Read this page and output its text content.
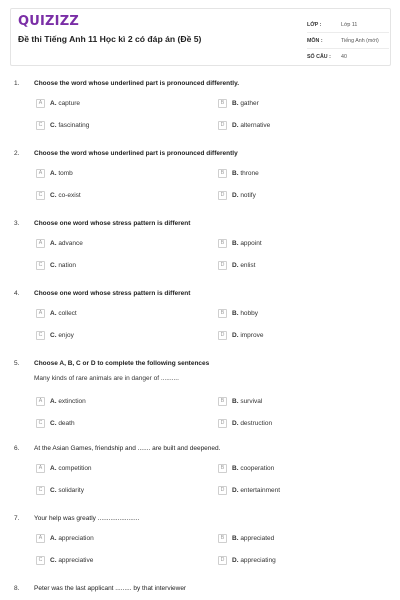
QUIZIZZ
Đề thi Tiếng Anh 11 Học kì 2 có đáp án (Đề 5)
LỚP :	Lớp 11
MÔN :	Tiếng Anh (mới)
SỐ CÂU :	40
1. Choose the word whose underlined part is pronounced differently.
A	A. capture	B	B. gather
C	C. fascinating	D	D. alternative
2. Choose the word whose underlined part is pronounced differently
A	A. tomb	B	B. throne
C	C. co-exist	D	D. notify
3. Choose one word whose stress pattern is different
A	A. advance	B	B. appoint
C	C. nation	D	D. enlist
4. Choose one word whose stress pattern is different
A	A. collect	B	B. hobby
C	C. enjoy	D	D. improve
5. Choose A, B, C or D to complete the following sentences
Many kinds of rare animals are in danger of ..........
A	A. extinction	B	B. survival
C	C. death	D	D. destruction
6. At the Asian Games, friendship and ....... are built and deepened.
A	A. competition	B	B. cooperation
C	C. solidarity	D	D. entertainment
7. Your help was greatly .......................
A	A. appreciation	B	B. appreciated
C	C. appreciative	D	D. appreciating
8. Peter was the last applicant ......... by that interviewer
